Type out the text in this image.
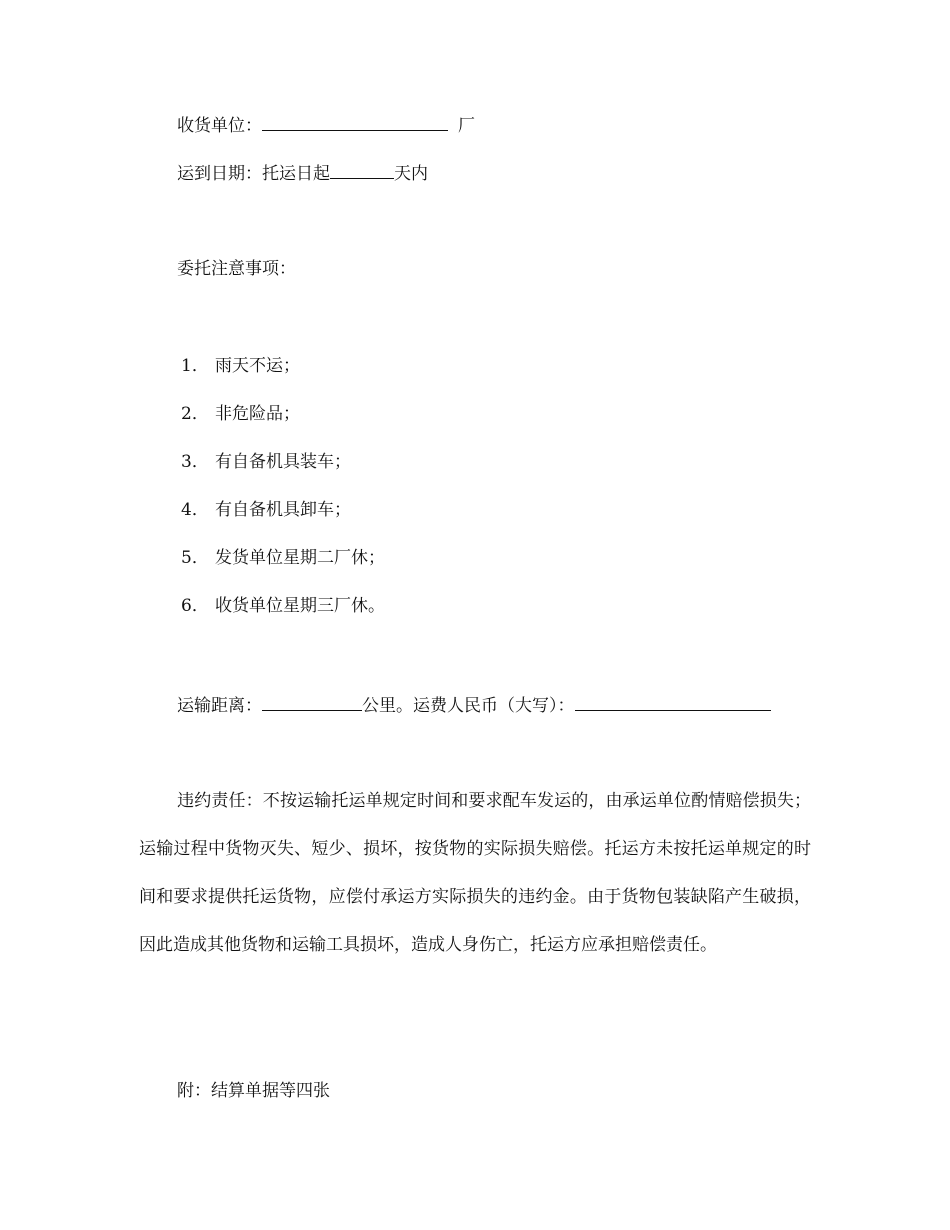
收货单位：	厂
运到日期：托运日起	天内
委托注意事项：
1． 雨天不运；
2． 非危险品；
3． 有自备机具装车；
4． 有自备机具卸车；
5． 发货单位星期二厂休；
6． 收货单位星期三厂休。
运输距离：	公里。运费人民币（大写）：
违约责任：不按运输托运单规定时间和要求配车发运的，由承运单位酌情赔偿损失；运输过程中货物灭失、短少、损坏，按货物的实际损失赔偿。托运方未按托运单规定的时间和要求提供托运货物，应偿付承运方实际损失的违约金。由于货物包装缺陷产生破损，因此造成其他货物和运输工具损坏，造成人身伤亡，托运方应承担赔偿责任。
附：结算单据等四张
